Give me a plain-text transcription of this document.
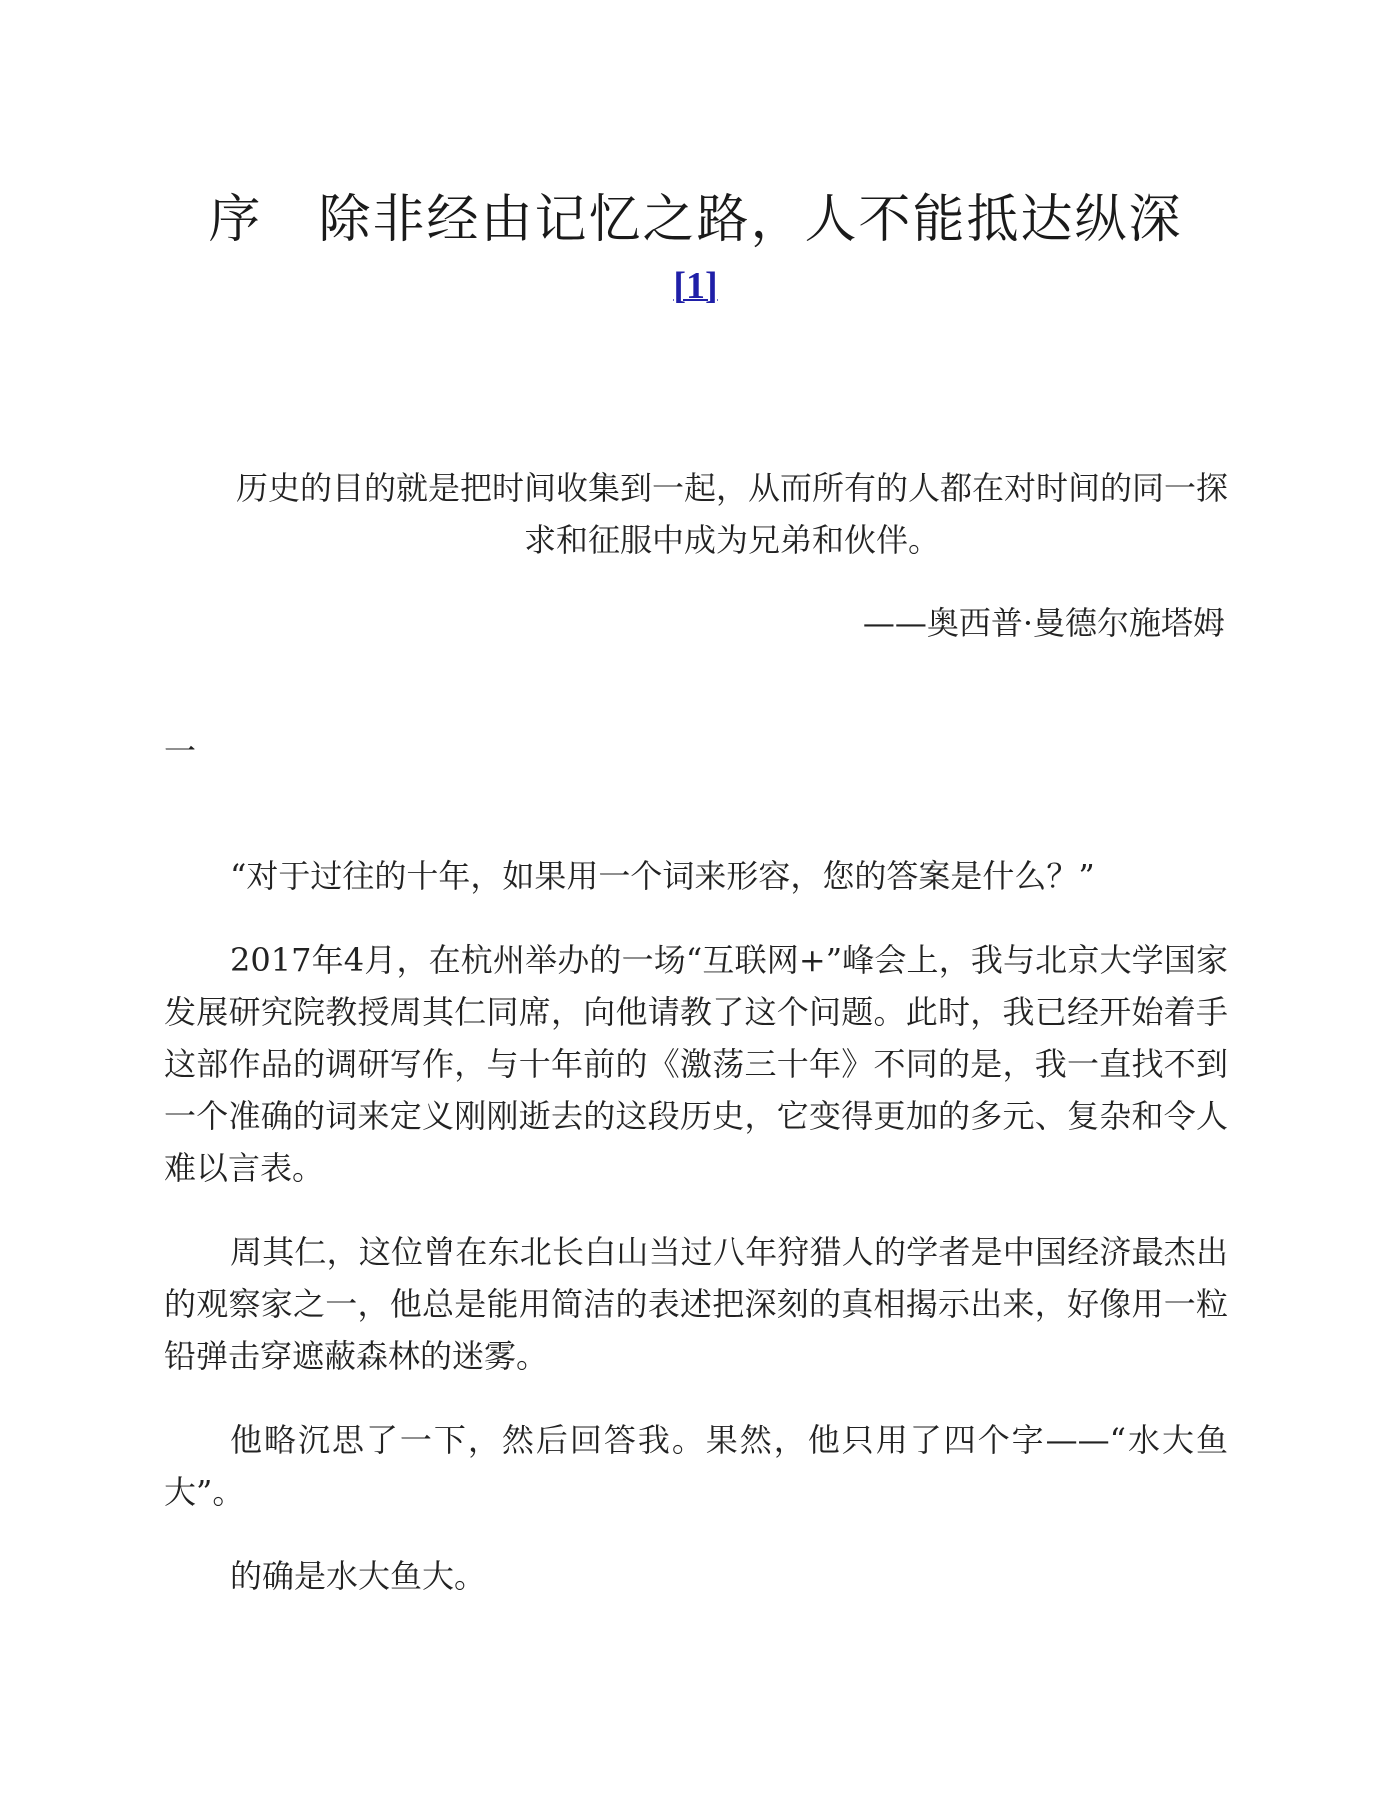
序 除非经由记忆之路，人不能抵达纵深
[1]

历史的目的就是把时间收集到一起，从而所有的人都在对时间的同一探求和征服中成为兄弟和伙伴。

——奥西普·曼德尔施塔姆

一

“对于过往的十年，如果用一个词来形容，您的答案是什么？”

2017年4月，在杭州举办的一场“互联网+”峰会上，我与北京大学国家发展研究院教授周其仁同席，向他请教了这个问题。此时，我已经开始着手这部作品的调研写作，与十年前的《激荡三十年》不同的是，我一直找不到一个准确的词来定义刚刚逝去的这段历史，它变得更加的多元、复杂和令人难以言表。

周其仁，这位曾在东北长白山当过八年狩猎人的学者是中国经济最杰出的观察家之一，他总是能用简洁的表述把深刻的真相揭示出来，好像用一粒铅弹击穿遮蔽森林的迷雾。

他略沉思了一下，然后回答我。果然，他只用了四个字——“水大鱼大”。

的确是水大鱼大。
